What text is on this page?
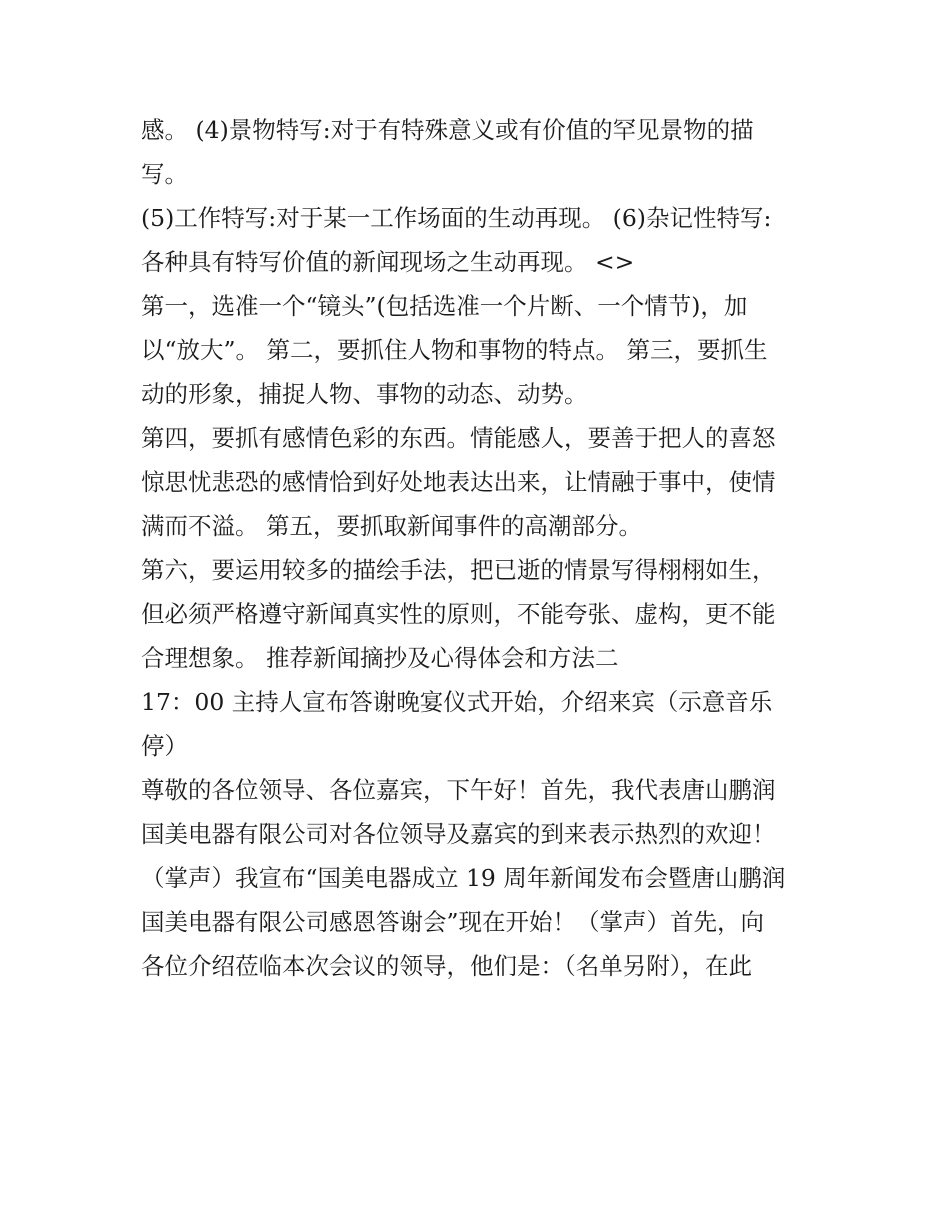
感。 (4)景物特写:对于有特殊意义或有价值的罕见景物的描
写。
(5)工作特写:对于某一工作场面的生动再现。 (6)杂记性特写:
各种具有特写价值的新闻现场之生动再现。 <>
第一，选准一个“镜头”(包括选准一个片断、一个情节)，加
以“放大”。 第二，要抓住人物和事物的特点。 第三，要抓生
动的形象，捕捉人物、事物的动态、动势。
第四，要抓有感情色彩的东西。情能感人，要善于把人的喜怒
惊思忧悲恐的感情恰到好处地表达出来，让情融于事中，使情
满而不溢。 第五，要抓取新闻事件的高潮部分。
第六，要运用较多的描绘手法，把已逝的情景写得栩栩如生，
但必须严格遵守新闻真实性的原则，不能夸张、虚构，更不能
合理想象。 推荐新闻摘抄及心得体会和方法二
17：00 主持人宣布答谢晚宴仪式开始，介绍来宾（示意音乐
停）
尊敬的各位领导、各位嘉宾，下午好！首先，我代表唐山鹏润
国美电器有限公司对各位领导及嘉宾的到来表示热烈的欢迎！
（掌声）我宣布“国美电器成立 19 周年新闻发布会暨唐山鹏润
国美电器有限公司感恩答谢会”现在开始！（掌声）首先，向
各位介绍莅临本次会议的领导，他们是：（名单另附），在此
